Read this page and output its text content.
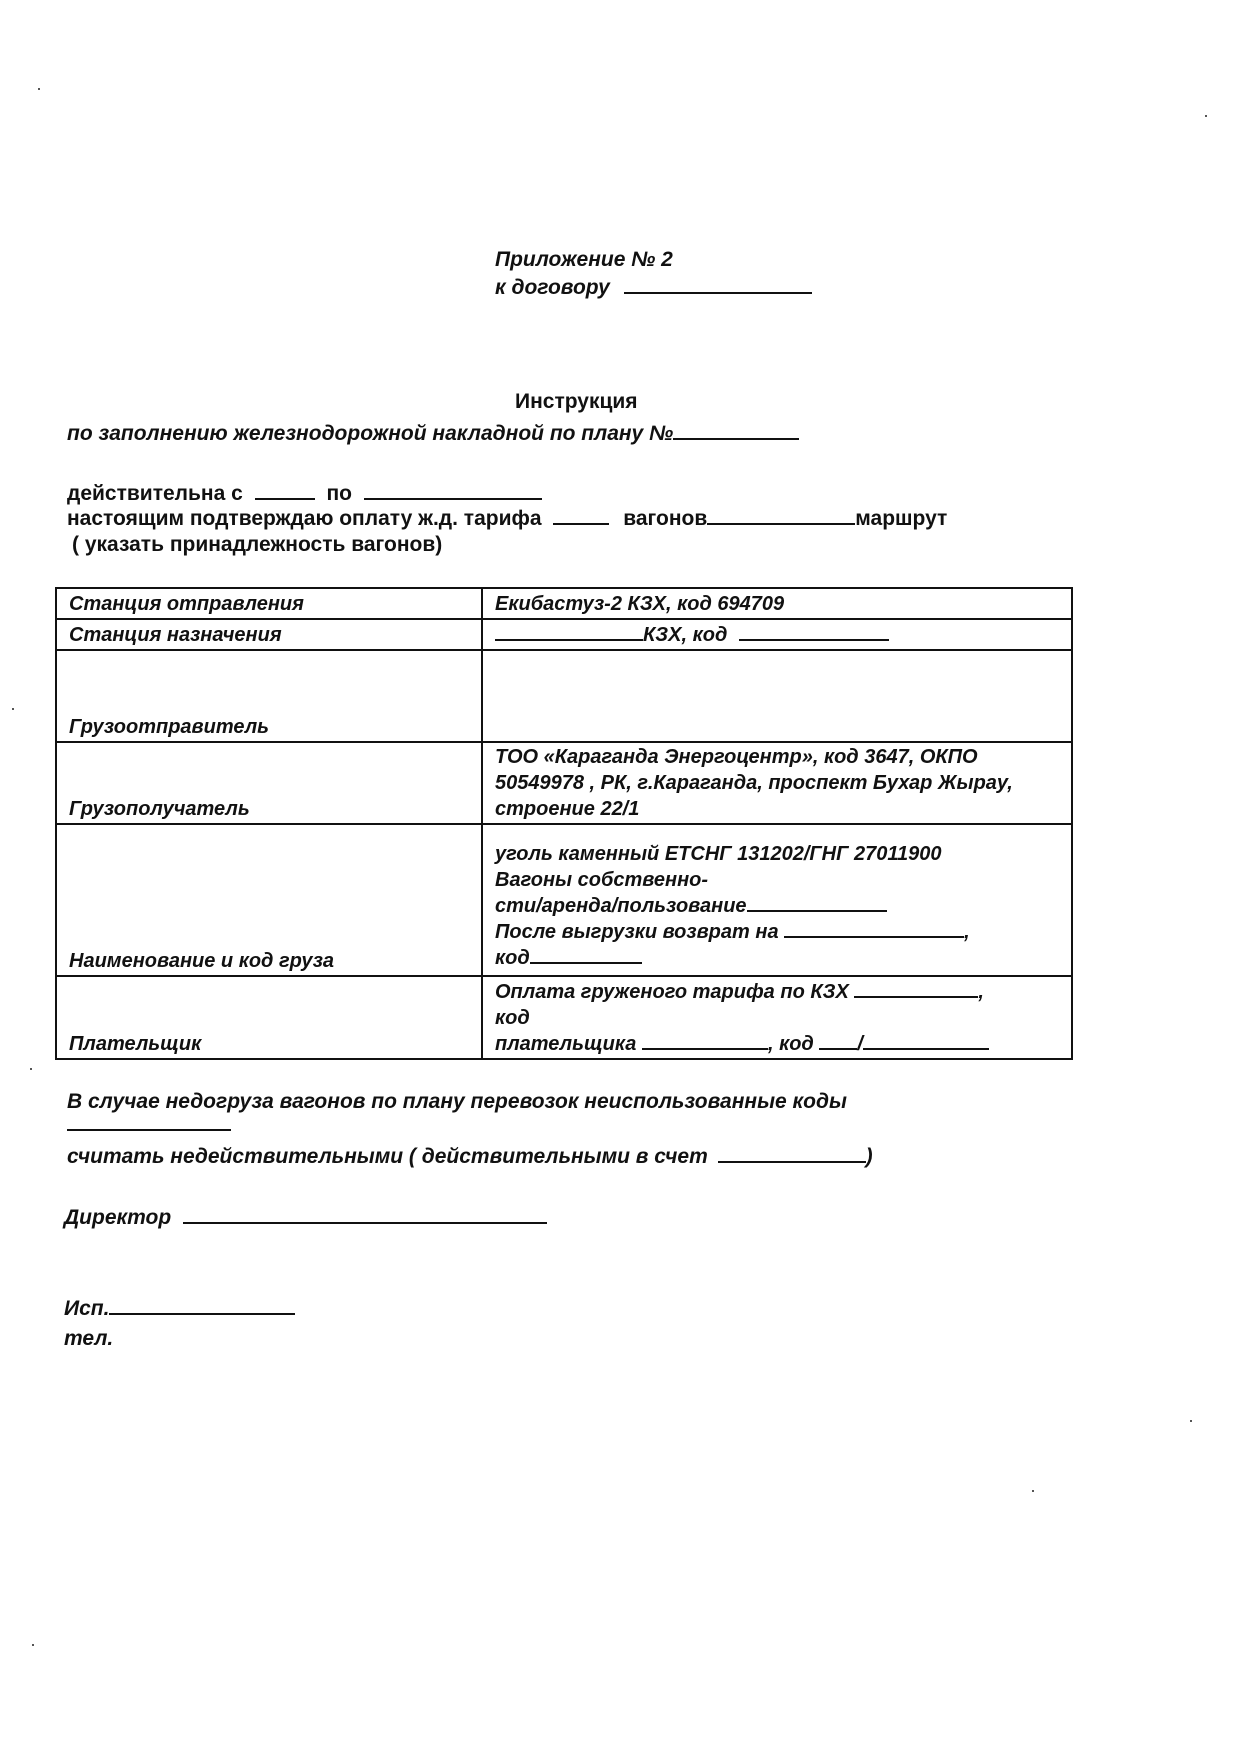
Приложение № 2
к договору
Инструкция
по заполнению железнодорожной накладной по плану №
действительна с	по
настоящим подтверждаю оплату ж.д. тарифа	вагонов	маршрут
( указать принадлежность вагонов)
Станция отправления	Екибастуз-2 КЗХ, код 694709
Станция назначения	КЗХ, код
Грузоотправитель	
Грузополучатель	ТОО «Караганда Энергоцентр», код 3647, ОКПО 50549978 , РК, г.Караганда, проспект Бухар Жыpay, строение 22/1
Наименование и код груза	уголь каменный ЕТСНГ 131202/ГНГ 27011900
Вагоны собственно-
сти/аренда/пользование
После выгрузки возврат на ,
код

Плательщик	Оплата груженого тарифа по КЗХ ,
код
плательщика , код /
В случае недогруза вагонов по плану перевозок неиспользованные коды
считать недействительными ( действительными в счет	)
Директор
Исп.
тел.
